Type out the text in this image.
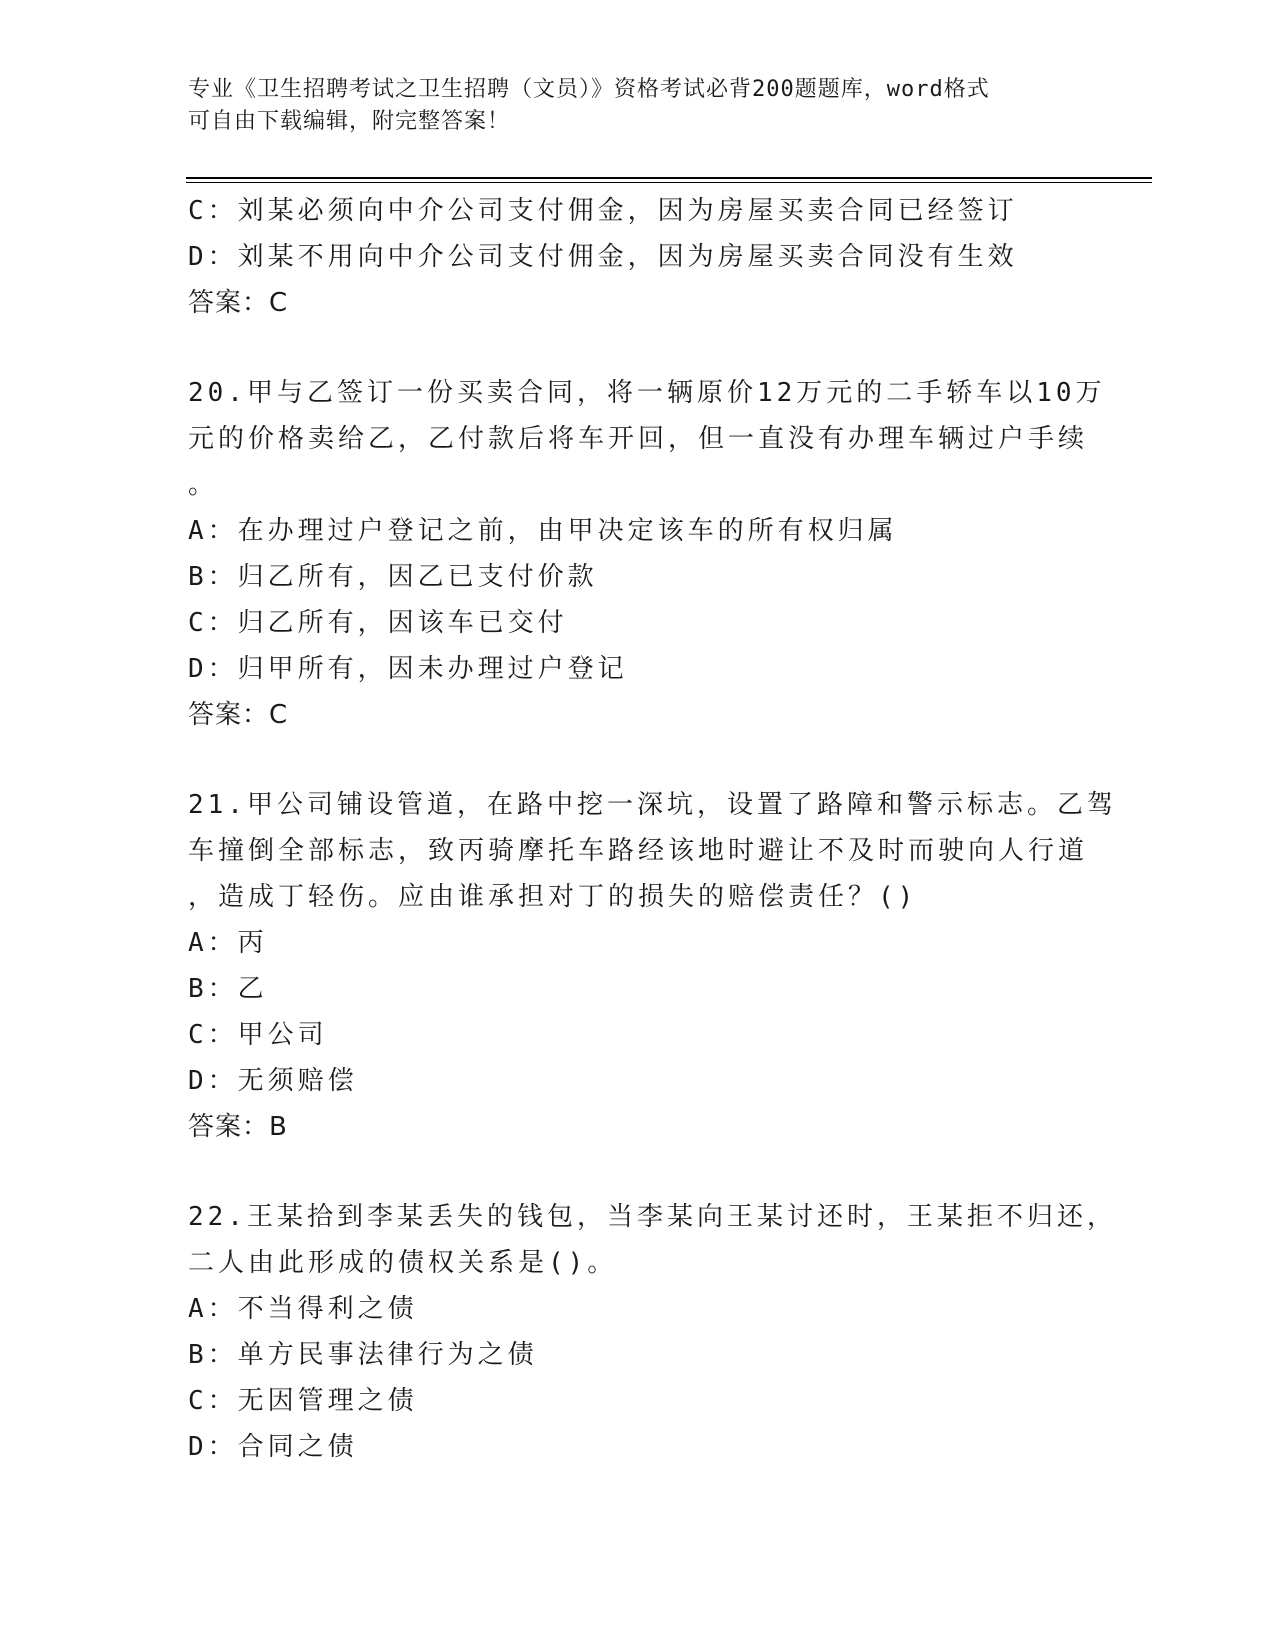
专业《卫生招聘考试之卫生招聘（文员）》资格考试必背200题题库，word格式
可自由下载编辑，附完整答案！
C：刘某必须向中介公司支付佣金，因为房屋买卖合同已经签订
D：刘某不用向中介公司支付佣金，因为房屋买卖合同没有生效
答案：C
20.甲与乙签订一份买卖合同，将一辆原价12万元的二手轿车以10万
元的价格卖给乙，乙付款后将车开回，但一直没有办理车辆过户手续
。
A：在办理过户登记之前，由甲决定该车的所有权归属
B：归乙所有，因乙已支付价款
C：归乙所有，因该车已交付
D：归甲所有，因未办理过户登记
答案：C
21.甲公司铺设管道，在路中挖一深坑，设置了路障和警示标志。乙驾
车撞倒全部标志，致丙骑摩托车路经该地时避让不及时而驶向人行道
，造成丁轻伤。应由谁承担对丁的损失的赔偿责任？()
A：丙
B：乙
C：甲公司
D：无须赔偿
答案：B
22.王某拾到李某丢失的钱包，当李某向王某讨还时，王某拒不归还，
二人由此形成的债权关系是()。
A：不当得利之债
B：单方民事法律行为之债
C：无因管理之债
D：合同之债
